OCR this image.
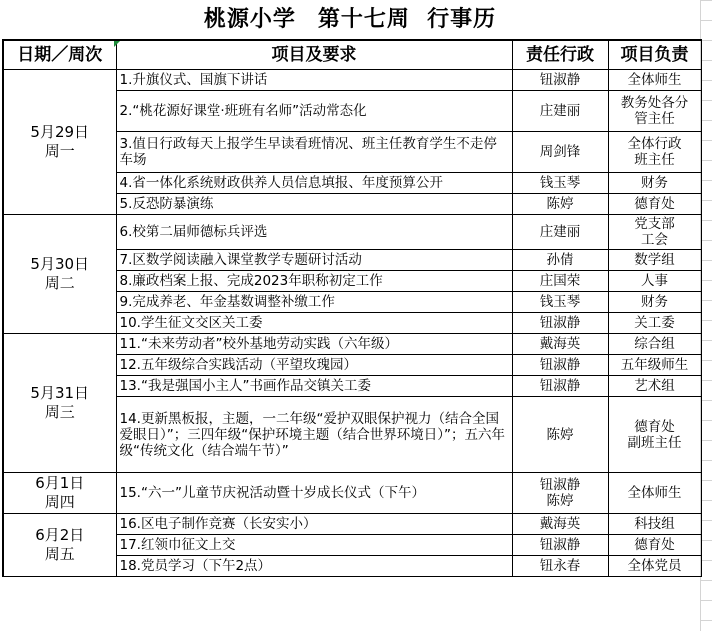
桃源小学 第十七周 行事历
日期／周次	项目及要求	责任行政	项目负责

5月29日
周一	1.升旗仪式、国旗下讲话	钮淑静	全体师生

	2.“桃花源好课堂·班班有名师”活动常态化	庄建丽	教务处各分
管主任

	3.值日行政每天上报学生早读看班情况、班主任教育学生不走停车场	周剑锋	全体行政
班主任

	4.省一体化系统财政供养人员信息填报、年度预算公开	钱玉琴	财务

	5.反恐防暴演练	陈婷	德育处

5月30日
周二	6.校第二届师德标兵评选	庄建丽	党支部
工会

	7.区数学阅读融入课堂教学专题研讨活动	孙倩	数学组

	8.廉政档案上报、完成2023年职称初定工作	庄国荣	人事

	9.完成养老、年金基数调整补缴工作	钱玉琴	财务

	10.学生征文交区关工委	钮淑静	关工委

5月31日
周三	11.“未来劳动者”校外基地劳动实践（六年级）	戴海英	综合组

	12.五年级综合实践活动（平望玫瑰园）	钮淑静	五年级师生

	13.“我是强国小主人”书画作品交镇关工委	钮淑静	艺术组

	14.更新黑板报，主题，一二年级“爱护双眼保护视力（结合全国爱眼日）”；三四年级“保护环境主题（结合世界环境日）”；五六年级“传统文化（结合端午节）”	陈婷	德育处
副班主任

6月1日
周四	15.“六一”儿童节庆祝活动暨十岁成长仪式（下午）	钮淑静
陈婷	全体师生

6月2日
周五	16.区电子制作竞赛（长安实小）	戴海英	科技组

	17.红领巾征文上交	钮淑静	德育处

	18.党员学习（下午2点）	钮永春	全体党员
